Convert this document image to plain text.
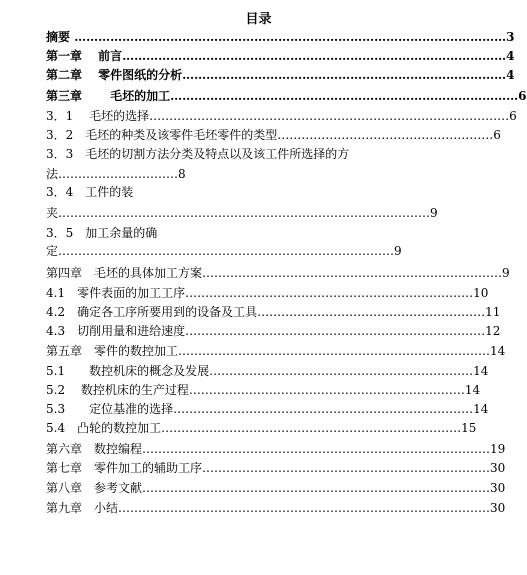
目录
摘要 ………………………………………………………………………………………………3
第一章　 前言……………………………………………………………………………………4
第二章　 零件图纸的分析………………………………………………………………………4
第三章　　 毛坯的加工……………………………………………………………………………6
3．1　 毛坯的选择………………………………………………………………………………6
3．2　毛坯的种类及该零件毛坯零件的类型………………………………………………6
3．3　毛坯的切割方法分类及特点以及该工件所选择的方
法…………………………8
3．4　工件的装
夹…………………………………………………………………………………9
3．5　加工余量的确
定…………………………………………………………………………9
第四章　毛坯的具体加工方案…………………………………………………………………9
4.1　零件表面的加工工序………………………………………………………………10
4.2　确定各工序所要用到的设备及工具…………………………………………………11
4.3　切削用量和进给速度…………………………………………………………………12
第五章　零件的数控加工……………………………………………………………………14
5.1　　数控机床的概念及发展…………………………………………………………14
5.2　 数控机床的生产过程……………………………………………………………14
5.3　　定位基准的选择…………………………………………………………………14
5.4　凸轮的数控加工…………………………………………………………………15
第六章　数控编程……………………………………………………………………………19
第七章　零件加工的辅助工序………………………………………………………………30
第八章　参考文献……………………………………………………………………………30
第九章　小结…………………………………………………………………………………30
